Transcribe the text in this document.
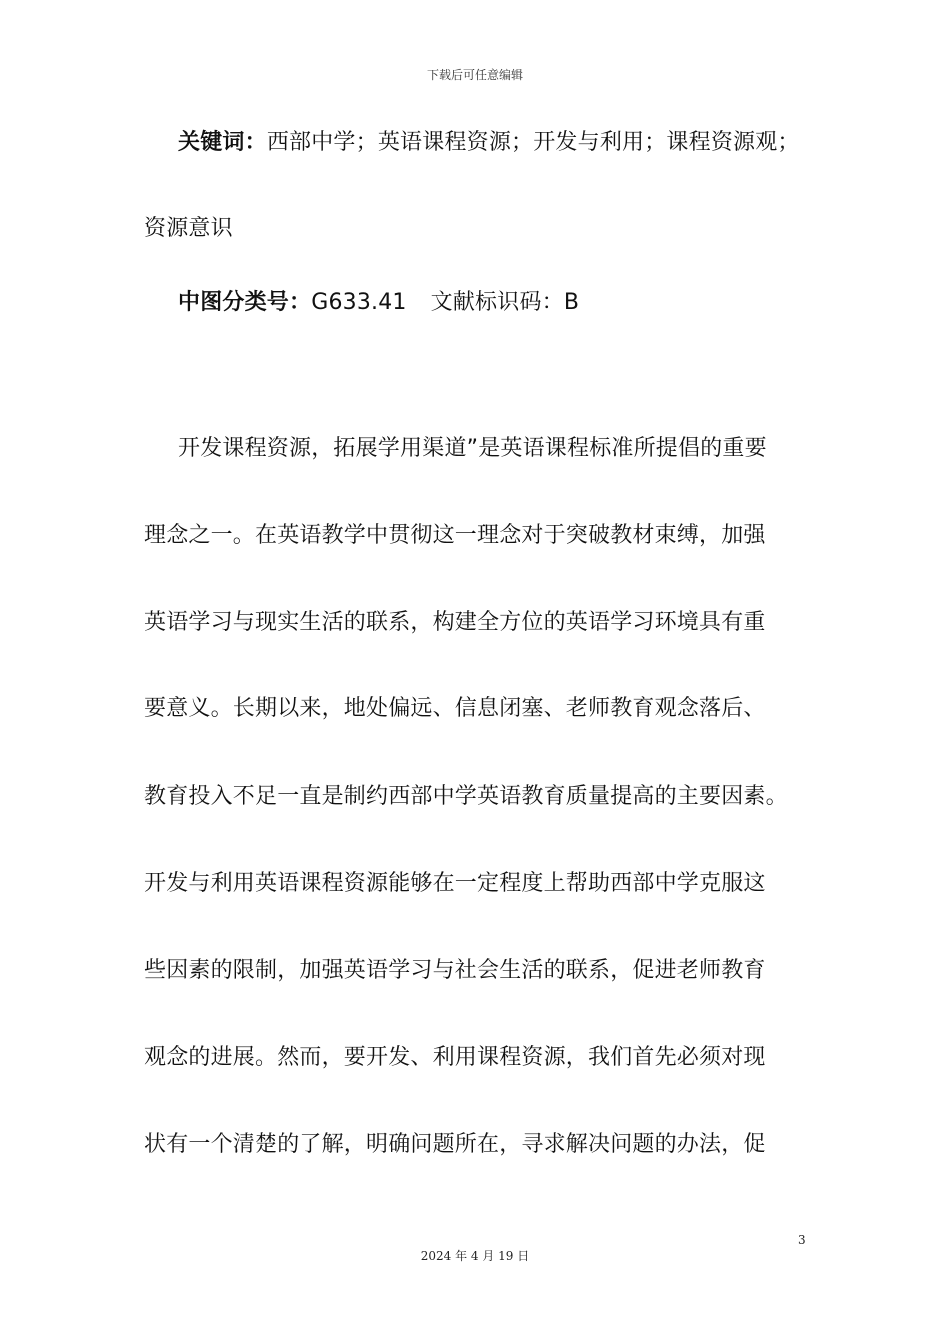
下载后可任意编辑
关键词：西部中学；英语课程资源；开发与利用；课程资源观；
资源意识
中图分类号：G633.41 文献标识码：B
开发课程资源，拓展学用渠道”是英语课程标准所提倡的重要
理念之一。在英语教学中贯彻这一理念对于突破教材束缚，加强
英语学习与现实生活的联系，构建全方位的英语学习环境具有重
要意义。长期以来，地处偏远、信息闭塞、老师教育观念落后、
教育投入不足一直是制约西部中学英语教育质量提高的主要因素。
开发与利用英语课程资源能够在一定程度上帮助西部中学克服这
些因素的限制，加强英语学习与社会生活的联系，促进老师教育
观念的进展。然而，要开发、利用课程资源，我们首先必须对现
状有一个清楚的了解，明确问题所在，寻求解决问题的办法，促
3
2024 年 4 月 19 日
